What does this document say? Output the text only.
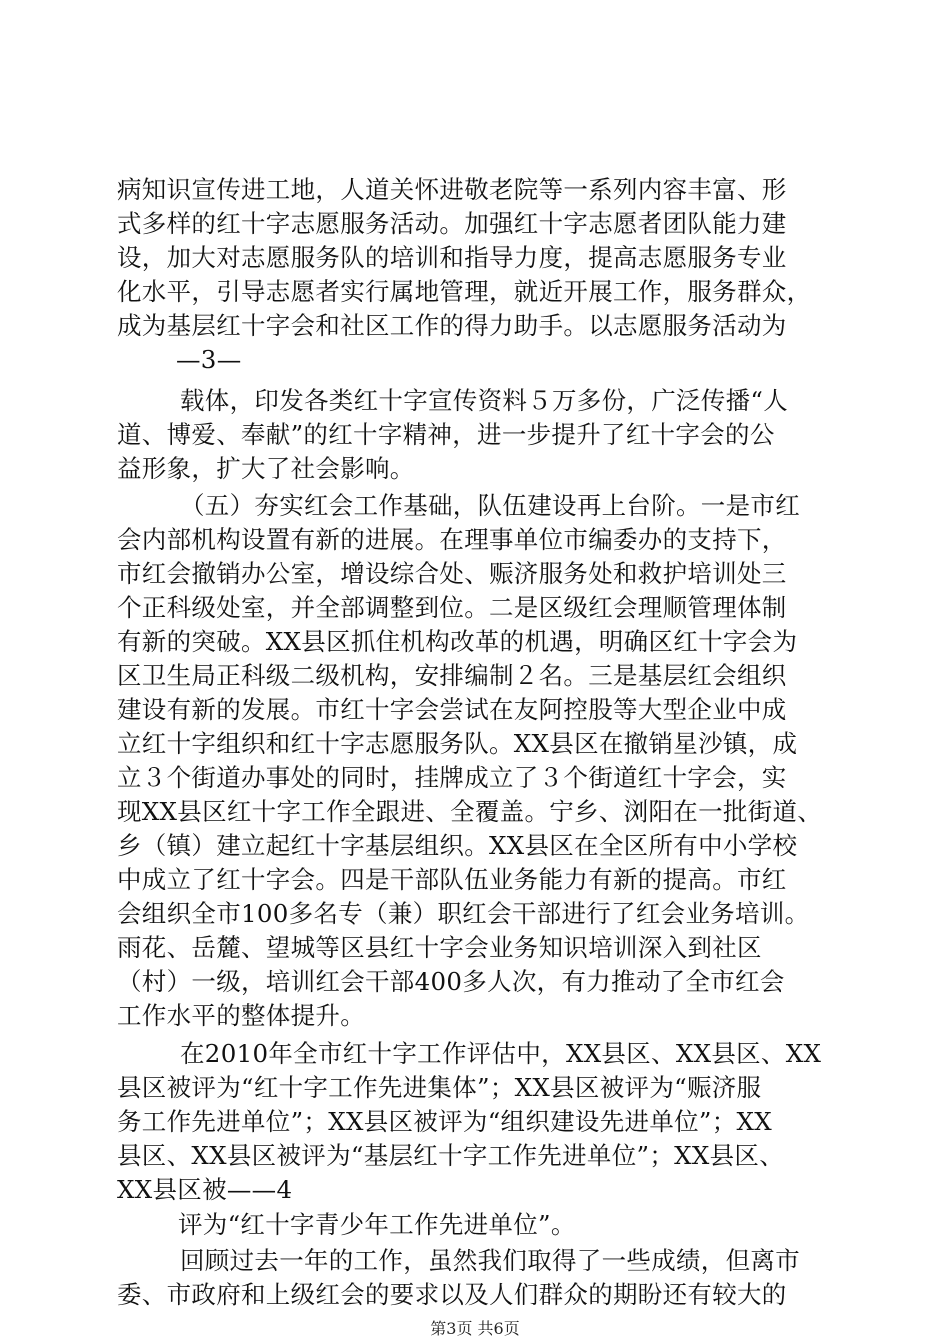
病知识宣传进工地，人道关怀进敬老院等一系列内容丰富、形
式多样的红十字志愿服务活动。加强红十字志愿者团队能力建
设，加大对志愿服务队的培训和指导力度，提高志愿服务专业
化水平，引导志愿者实行属地管理，就近开展工作，服务群众，
成为基层红十字会和社区工作的得力助手。以志愿服务活动为
—3—
载体，印发各类红十字宣传资料５万多份，广泛传播“人
道、博爱、奉献”的红十字精神，进一步提升了红十字会的公
益形象，扩大了社会影响。
（五）夯实红会工作基础，队伍建设再上台阶。一是市红
会内部机构设置有新的进展。在理事单位市编委办的支持下，
市红会撤销办公室，增设综合处、赈济服务处和救护培训处三
个正科级处室，并全部调整到位。二是区级红会理顺管理体制
有新的突破。XX县区抓住机构改革的机遇，明确区红十字会为
区卫生局正科级二级机构，安排编制２名。三是基层红会组织
建设有新的发展。市红十字会尝试在友阿控股等大型企业中成
立红十字组织和红十字志愿服务队。XX县区在撤销星沙镇，成
立３个街道办事处的同时，挂牌成立了３个街道红十字会，实
现XX县区红十字工作全跟进、全覆盖。宁乡、浏阳在一批街道、
乡（镇）建立起红十字基层组织。XX县区在全区所有中小学校
中成立了红十字会。四是干部队伍业务能力有新的提高。市红
会组织全市100多名专（兼）职红会干部进行了红会业务培训。
雨花、岳麓、望城等区县红十字会业务知识培训深入到社区
（村）一级，培训红会干部400多人次，有力推动了全市红会
工作水平的整体提升。
在2010年全市红十字工作评估中，XX县区、XX县区、XX
县区被评为“红十字工作先进集体”；XX县区被评为“赈济服
务工作先进单位”；XX县区被评为“组织建设先进单位”；XX
县区、XX县区被评为“基层红十字工作先进单位”；XX县区、
XX县区被——4
评为“红十字青少年工作先进单位”。
回顾过去一年的工作，虽然我们取得了一些成绩，但离市
委、市政府和上级红会的要求以及人们群众的期盼还有较大的
第3页 共6页
